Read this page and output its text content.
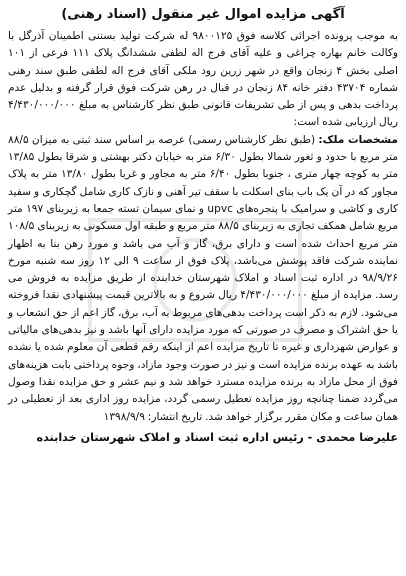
آگهی مزایده اموال غیر منقول (اسناد رهنی)

به موجب پرونده اجرائی کلاسه فوق ۹۸۰۰۱۲۵ له شرکت تولید بستنی اطمینان آذرگل با وکالت خانم بهاره چراغی و علیه آقای فرج اله لطفی ششدانگ پلاک ۱۱۱ فرعی از ۱۰۱ اصلی بخش ۴ زنجان واقع در شهر زرین رود ملکی آقای فرج اله لطفی طبق سند رهنی شماره ۴۳۷۰۴ دفتر خانه ۸۴ زنجان در قبال در رهن شرکت فوق قرار گرفته و بدلیل عدم پرداخت بدهی و پس از طی تشریفات قانونی طبق نظر کارشناس به مبلغ ۴/۴۳۰/۰۰۰/۰۰۰ ریال ارزیابی شده است:

مشخصات ملک: (طبق نظر کارشناس رسمی) عرصه بر اساس سند ثبتی به میزان ۸۸/۵ متر مربع با حدود و ثغور شمالا بطول ۶/۳۰ متر به خیابان دکتر بهشتی و شرقا بطول ۱۳/۸۵ متر به کوچه چهار متری ، جنوبا بطول ۶/۴۰ متر به مجاور و غربا بطول ۱۳/۸۰ متر به پلاک مجاور که در آن یک باب بنای اسکلت با سقف تیر آهنی و نازک کاری شامل گچکاری و سفید کاری و کاشی و سرامیک با پنجره‌های upvc و نمای سیمان تسته جمعا به زیربنای ۱۹۷ متر مربع شامل همکف تجاری به زیربنای ۸۸/۵ متر مربع و طبقه اول مسکونی به زیربنای ۱۰۸/۵ متر مربع احداث شده است و دارای برق، گاز و آب می باشد و مورد رهن بنا به اظهار نماینده شرکت فاقد پوشش می‌باشد، پلاک فوق از ساعت ۹ الی ۱۲ روز سه شنبه مورخ ۹۸/۹/۲۶ در اداره ثبت اسناد و املاک شهرستان خدابنده از طریق مزایده به فروش می رسد. مزایده از مبلغ ۴/۴۳۰/۰۰۰/۰۰۰ ریال شروع و به بالاترین قیمت پیشنهادی نقدا فروخته می‌شود. لازم به ذکر است پرداخت بدهی‌های مربوط به آب، برق، گاز اعم از حق انشعاب و یا حق اشتراک و مصرف در صورتی که مورد مزایده دارای آنها باشد و نیز بدهی‌های مالیاتی و عوارض شهرداری و غیره تا تاریخ مزایده اعم از اینکه رقم قطعی آن معلوم شده یا نشده باشد به عهده برنده مزایده است و نیز در صورت وجود مازاد، وجوه پرداختی بابت هزینه‌های فوق از محل مازاد به برنده مزایده مسترد خواهد شد و نیم عشر و حق مزایده نقدا وصول می‌گردد ضمنا چنانچه روز مزایده تعطیل رسمی گردد، مزایده روز اداری بعد از تعطیلی در همان ساعت و مکان مقرر برگزار خواهد شد. تاریخ انتشار: ۱۳۹۸/۹/۹

علیرضا محمدی - رئیس اداره ثبت اسناد و املاک شهرستان خدابنده
